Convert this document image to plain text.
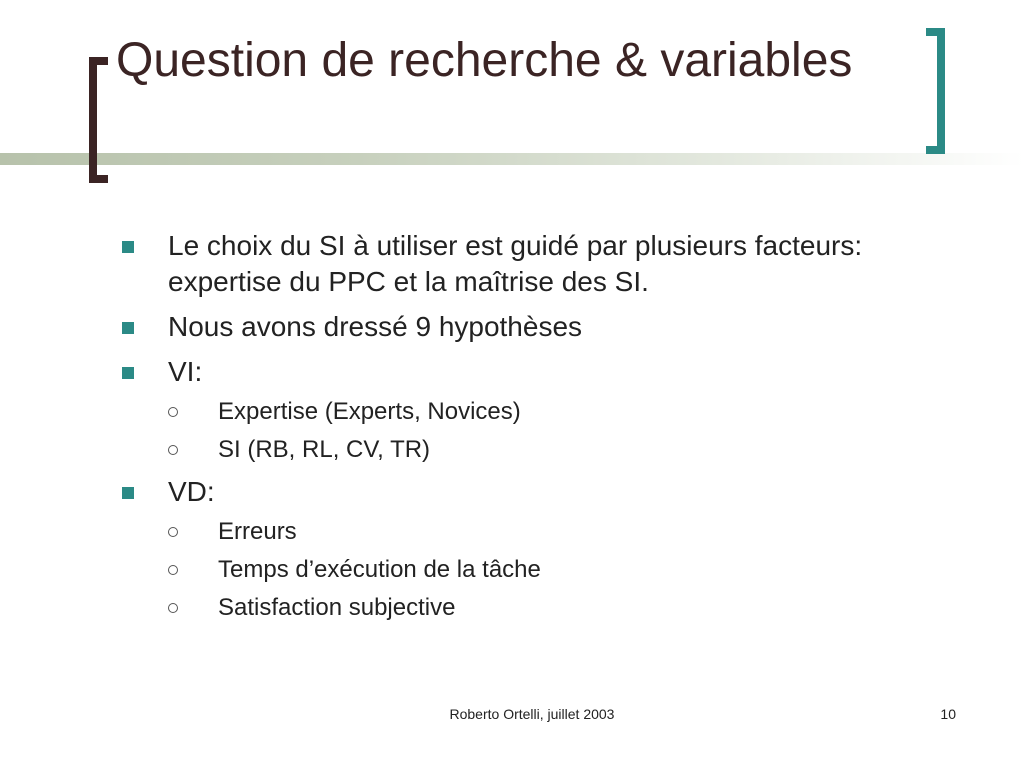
Question de recherche & variables
Le choix du SI à utiliser est guidé par plusieurs facteurs: expertise du PPC et la maîtrise des SI.
Nous avons dressé 9 hypothèses
VI:
Expertise (Experts, Novices)
SI (RB, RL, CV, TR)
VD:
Erreurs
Temps d’exécution de la tâche
Satisfaction subjective
Roberto Ortelli, juillet 2003	10
